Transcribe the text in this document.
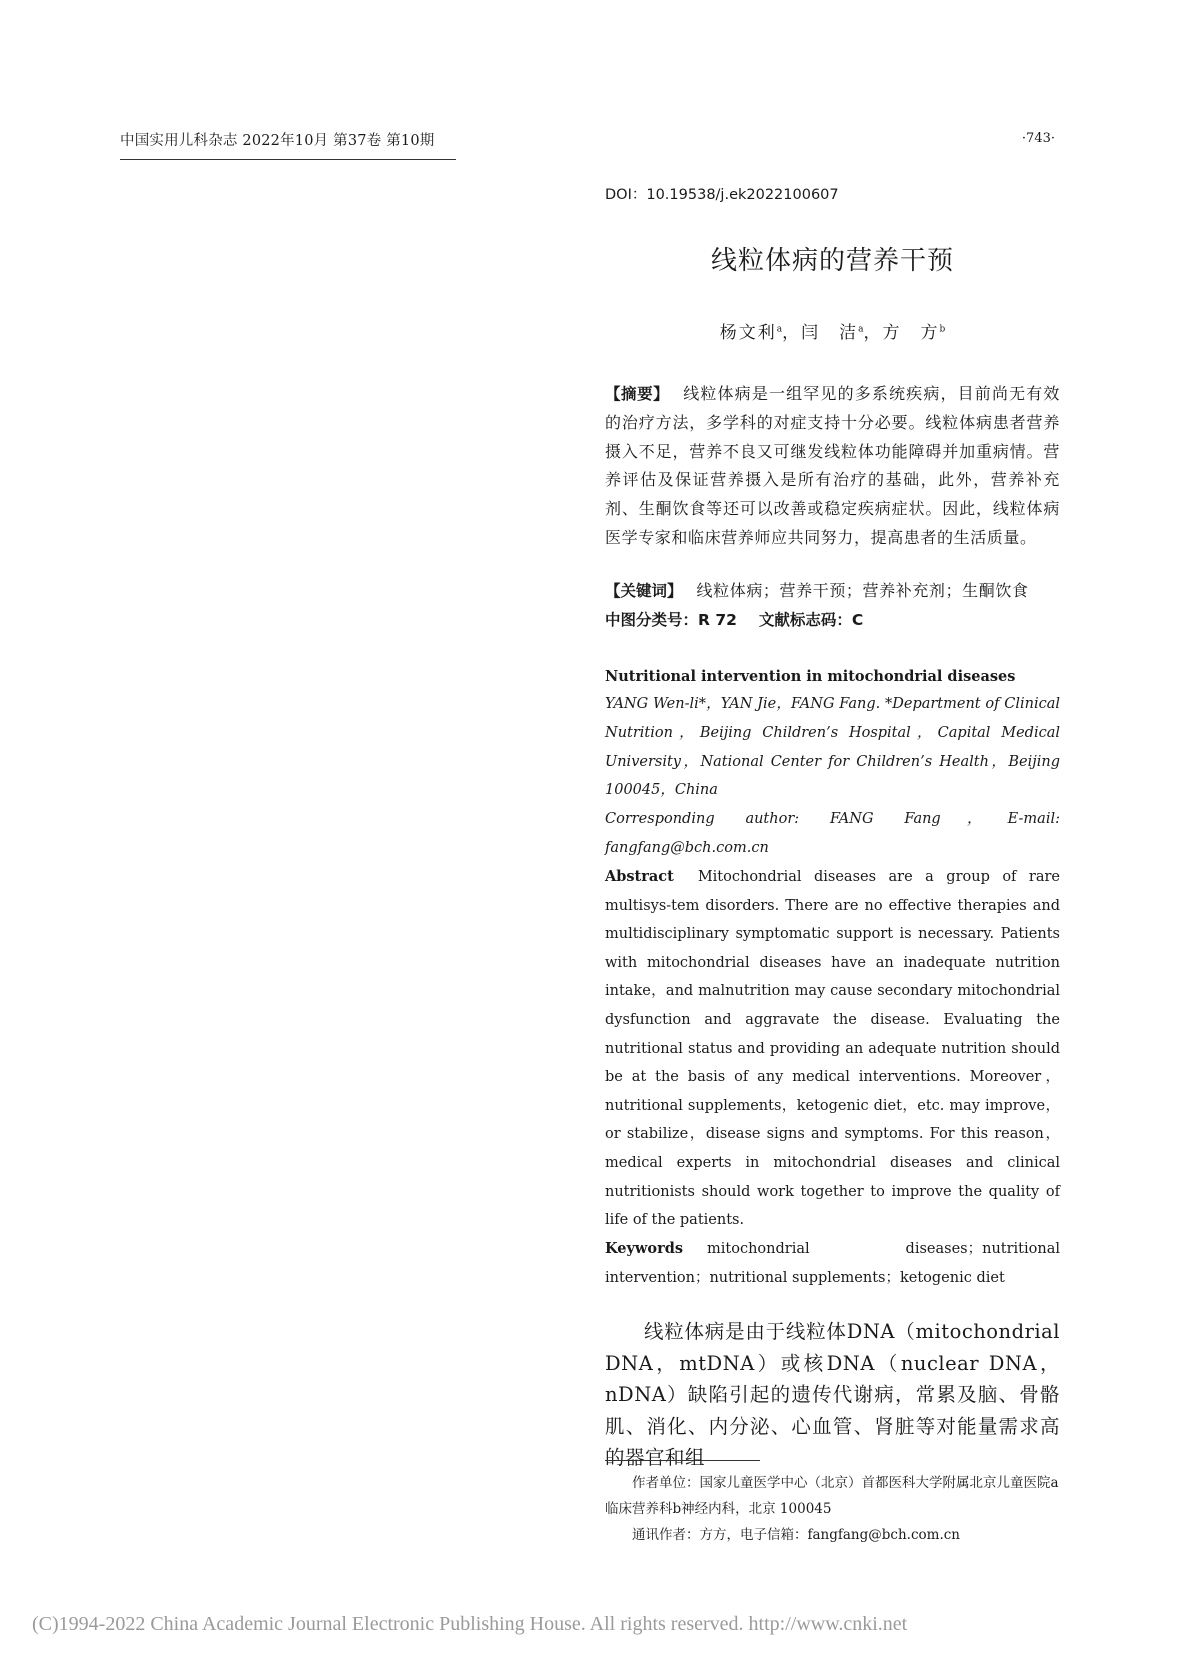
中国实用儿科杂志 2022年10月 第37卷 第10期	·743·
DOI：10.19538/j.ek2022100607
线粒体病的营养干预
杨文利$^a$，闫　洁$^a$，方　方$^b$
【摘要】 线粒体病是一组罕见的多系统疾病，目前尚无有效的治疗方法，多学科的对症支持十分必要。线粒体病患者营养摄入不足，营养不良又可继发线粒体功能障碍并加重病情。营养评估及保证营养摄入是所有治疗的基础，此外，营养补充剂、生酮饮食等还可以改善或稳定疾病症状。因此，线粒体病医学专家和临床营养师应共同努力，提高患者的生活质量。
【关键词】 线粒体病；营养干预；营养补充剂；生酮饮食
中图分类号：R 72 文献标志码：C
Nutritional intervention in mitochondrial diseases
YANG Wen-li*，YAN Jie，FANG Fang. *Department of Clinical Nutrition，Beijing Children’s Hospital，Capital Medical University，National Center for Children’s Health，Beijing 100045，China
Corresponding author: FANG Fang，E-mail: fangfang@bch.com.cn
Abstract Mitochondrial diseases are a group of rare multisys-tem disorders. There are no effective therapies and multidisciplinary symptomatic support is necessary. Patients with mitochondrial diseases have an inadequate nutrition intake，and malnutrition may cause secondary mitochondrial dysfunction and aggravate the disease. Evaluating the nutritional status and providing an adequate nutrition should be at the basis of any medical interventions. Moreover，nutritional supplements，ketogenic diet，etc. may improve，or stabilize，disease signs and symptoms. For this reason，medical experts in mitochondrial diseases and clinical nutritionists should work together to improve the quality of life of the patients.
Keywords mitochondrial diseases；nutritional intervention；nutritional supplements；ketogenic diet
线粒体病是由于线粒体DNA（mitochondrial DNA，mtDNA）或核DNA（nuclear DNA，nDNA）缺陷引起的遗传代谢病，常累及脑、骨骼肌、消化、内分泌、心血管、肾脏等对能量需求高的器官和组

作者单位：国家儿童医学中心（北京）首都医科大学附属北京儿童医院a临床营养科b神经内科，北京 100045

通讯作者：方方，电子信箱：fangfang@bch.com.cn

(C)1994-2022 China Academic Journal Electronic Publishing House. All rights reserved. http://www.cnki.net
